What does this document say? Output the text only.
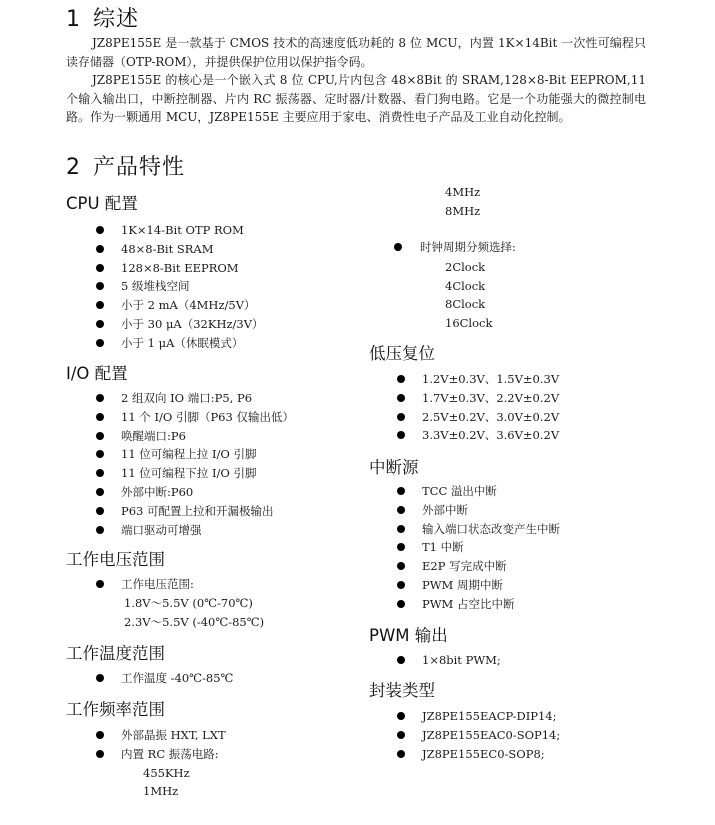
1 综述
JZ8PE155E 是一款基于 CMOS 技术的高速度低功耗的 8 位 MCU，内置 1K×14Bit 一次性可编程只读存储器（OTP-ROM），并提供保护位用以保护指令码。
JZ8PE155E 的核心是一个嵌入式 8 位 CPU,片内包含 48×8Bit 的 SRAM,128×8-Bit EEPROM,11 个输入输出口，中断控制器、片内 RC 振荡器、定时器/计数器、看门狗电路。它是一个功能强大的微控制电路。作为一颗通用 MCU，JZ8PE155E 主要应用于家电、消费性电子产品及工业自动化控制。
2 产品特性
CPU 配置
1K×14-Bit OTP ROM
48×8-Bit SRAM
128×8-Bit EEPROM
5 级堆栈空间
小于 2 mA（4MHz/5V）
小于 30 μA（32KHz/3V）
小于 1 μA（休眠模式）
I/O 配置
2 组双向 IO 端口:P5, P6
11 个 I/O 引脚（P63 仅输出低）
唤醒端口:P6
11 位可编程上拉 I/O 引脚
11 位可编程下拉 I/O 引脚
外部中断:P60
P63 可配置上拉和开漏极输出
端口驱动可增强
工作电压范围
工作电压范围:
1.8V～5.5V (0℃-70℃)
2.3V～5.5V (-40℃-85℃)
工作温度范围
工作温度 -40℃-85℃
工作频率范围
外部晶振 HXT, LXT
内置 RC 振荡电路:
455KHz
1MHz
4MHz
8MHz
时钟周期分频选择:
2Clock
4Clock
8Clock
16Clock
低压复位
1.2V±0.3V、1.5V±0.3V
1.7V±0.3V、2.2V±0.2V
2.5V±0.2V、3.0V±0.2V
3.3V±0.2V、3.6V±0.2V
中断源
TCC 溢出中断
外部中断
输入端口状态改变产生中断
T1 中断
E2P 写完成中断
PWM 周期中断
PWM 占空比中断
PWM 输出
1×8bit PWM;
封装类型
JZ8PE155EACP-DIP14;
JZ8PE155EAC0-SOP14;
JZ8PE155EC0-SOP8;
